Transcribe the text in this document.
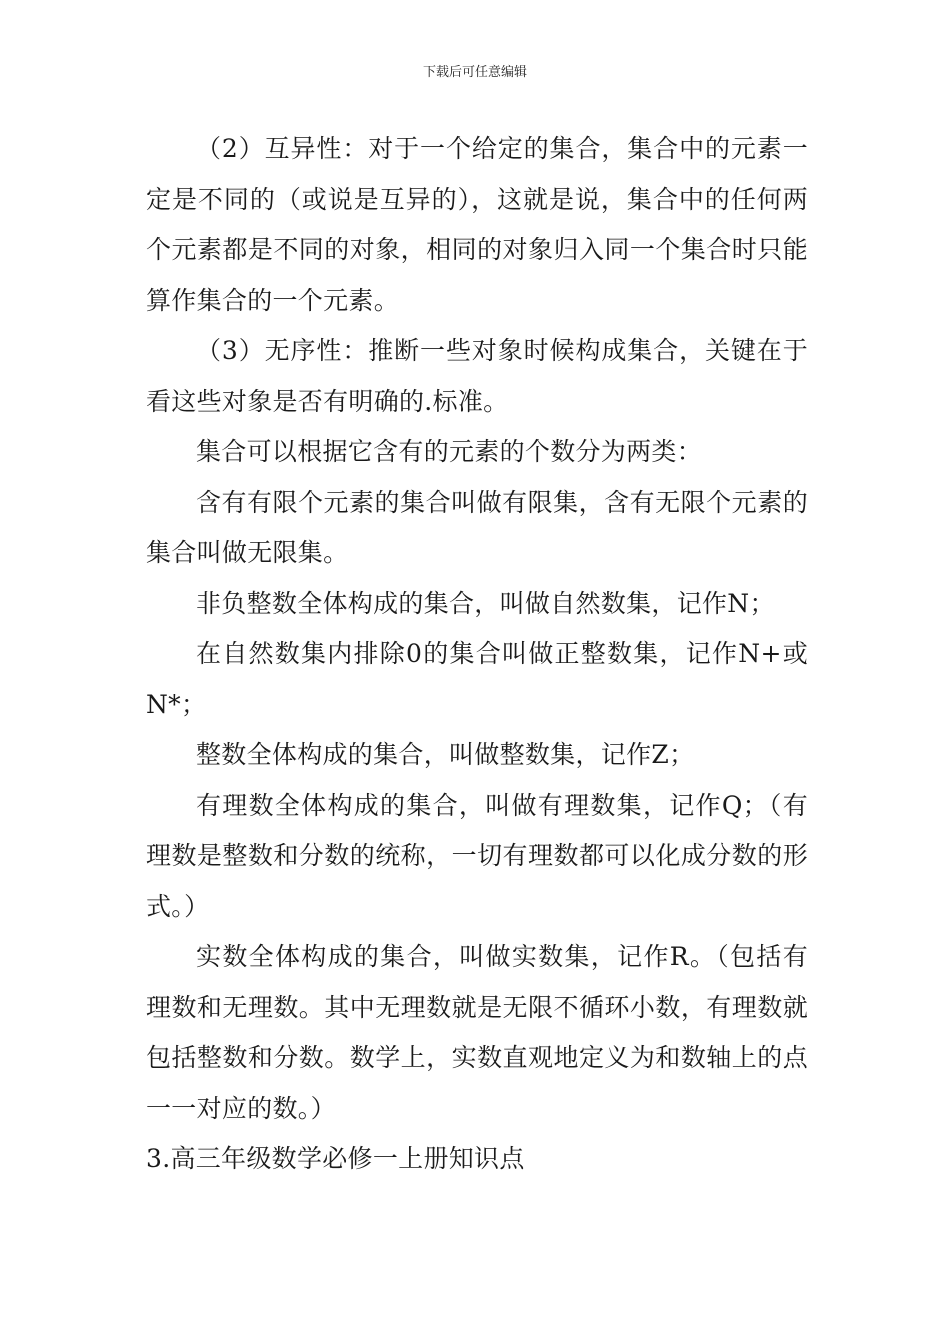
下载后可任意编辑

（2）互异性：对于一个给定的集合，集合中的元素一定是不同的（或说是互异的），这就是说，集合中的任何两个元素都是不同的对象，相同的对象归入同一个集合时只能算作集合的一个元素。

（3）无序性：推断一些对象时候构成集合，关键在于看这些对象是否有明确的.标准。

集合可以根据它含有的元素的个数分为两类：

含有有限个元素的集合叫做有限集，含有无限个元素的集合叫做无限集。

非负整数全体构成的集合，叫做自然数集，记作N；

在自然数集内排除0的集合叫做正整数集，记作N+或N*；

整数全体构成的集合，叫做整数集，记作Z；

有理数全体构成的集合，叫做有理数集，记作Q；（有理数是整数和分数的统称，一切有理数都可以化成分数的形式。）

实数全体构成的集合，叫做实数集，记作R。（包括有理数和无理数。其中无理数就是无限不循环小数，有理数就包括整数和分数。数学上，实数直观地定义为和数轴上的点一一对应的数。）

3.高三年级数学必修一上册知识点
